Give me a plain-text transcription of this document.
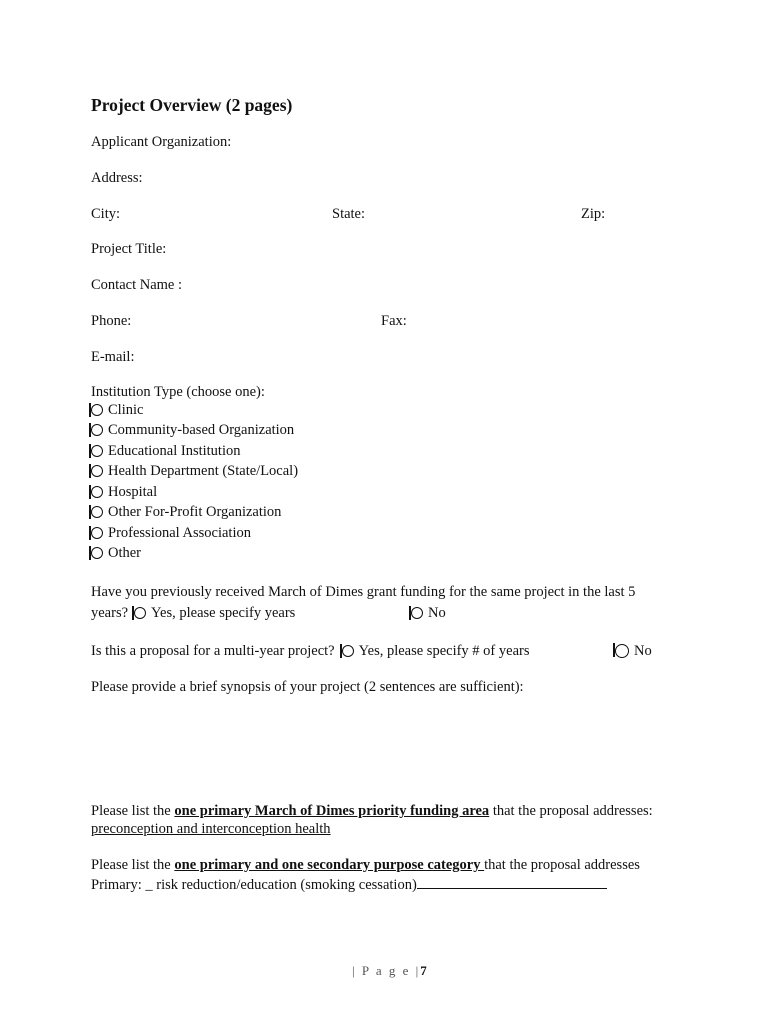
Project Overview (2 pages)
Applicant Organization:
Address:
City:	State:	Zip:
Project Title:
Contact Name :
Phone:	Fax:
E-mail:
Institution Type (choose one):
Clinic
Community-based Organization
Educational Institution
Health Department (State/Local)
Hospital
Other For-Profit Organization
Professional Association
Other
Have you previously received March of Dimes grant funding for the same project in the last 5
years? Yes, please specify years	No
Is this a proposal for a multi-year project? Yes, please specify # of years	No
Please provide a brief synopsis of your project (2 sentences are sufficient):
Please list the one primary March of Dimes priority funding area that the proposal addresses:
preconception and interconception health
Please list the one primary and one secondary purpose category that the proposal addresses
Primary: _ risk reduction/education (smoking cessation)
| P a g e |7
